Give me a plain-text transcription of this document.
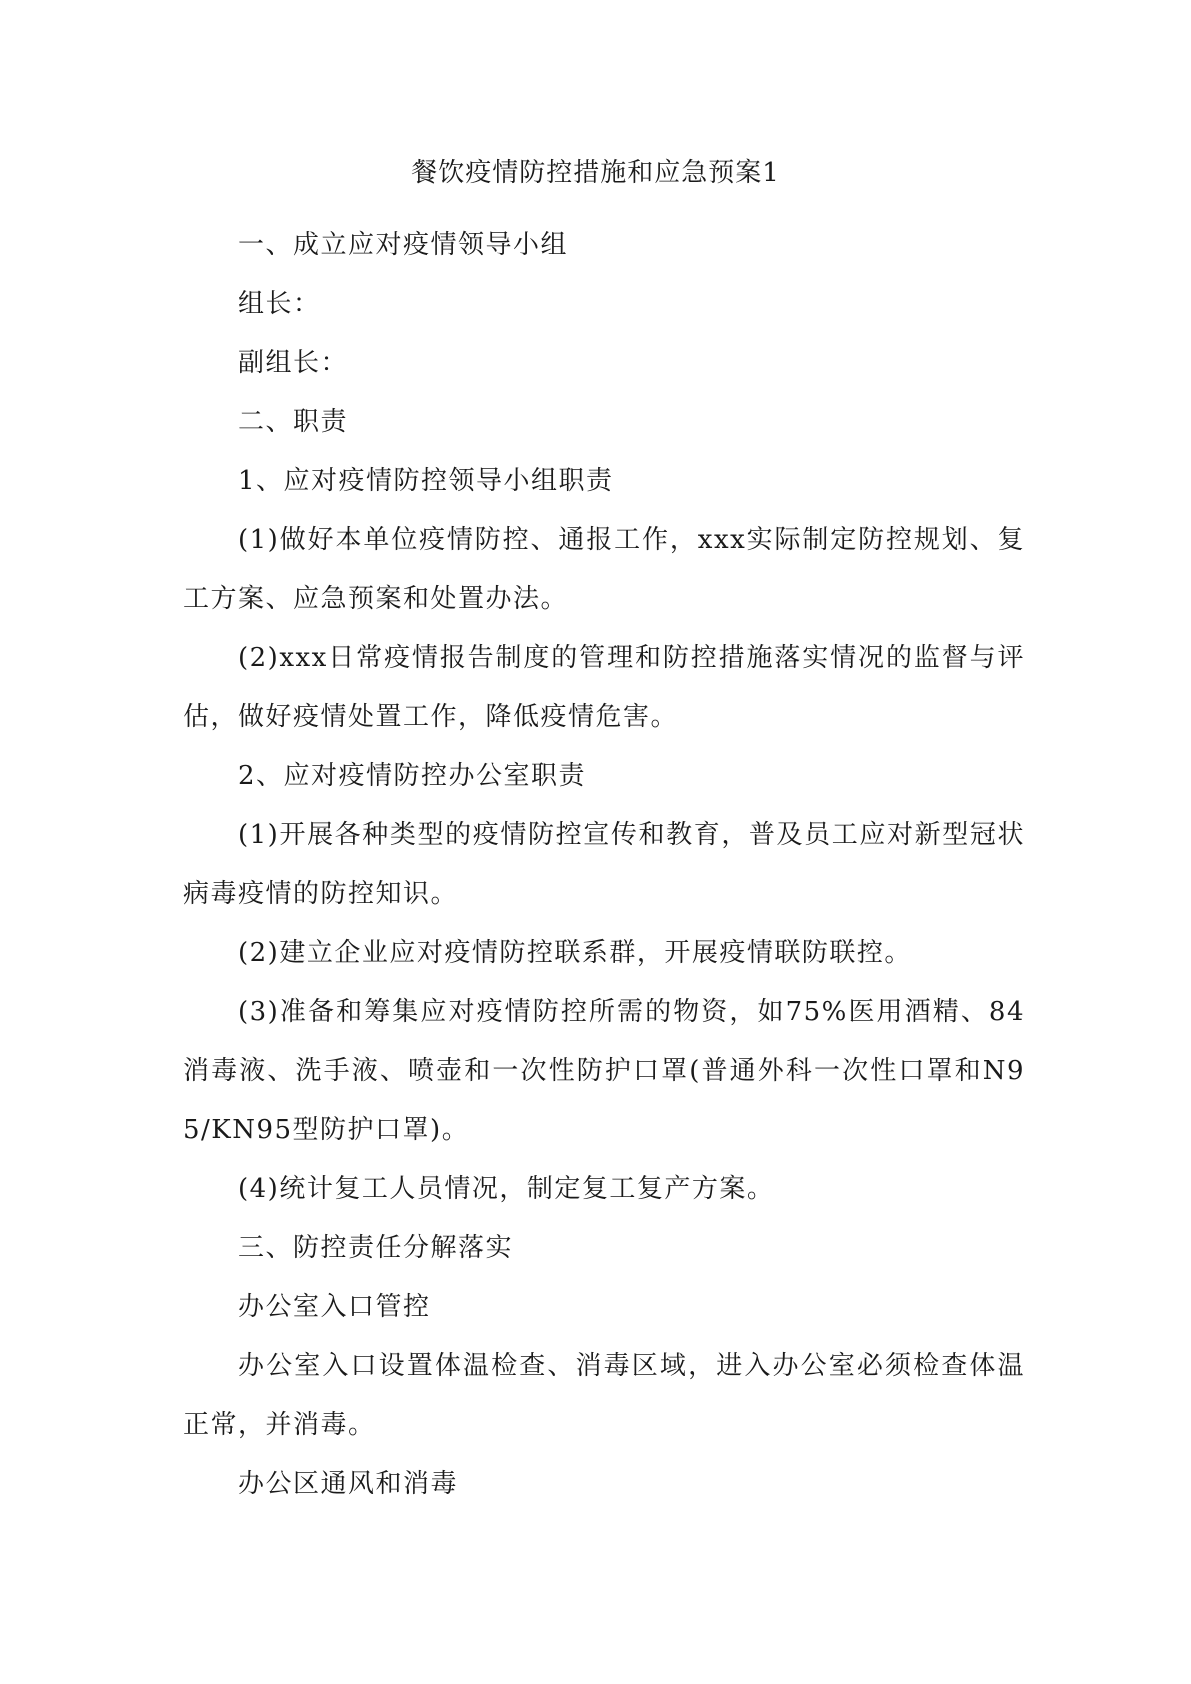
餐饮疫情防控措施和应急预案1

一、成立应对疫情领导小组

组长：

副组长：

二、职责

1、应对疫情防控领导小组职责

(1)做好本单位疫情防控、通报工作，xxx实际制定防控规划、复工方案、应急预案和处置办法。

(2)xxx日常疫情报告制度的管理和防控措施落实情况的监督与评估，做好疫情处置工作，降低疫情危害。

2、应对疫情防控办公室职责

(1)开展各种类型的疫情防控宣传和教育，普及员工应对新型冠状病毒疫情的防控知识。

(2)建立企业应对疫情防控联系群，开展疫情联防联控。

(3)准备和筹集应对疫情防控所需的物资，如75%医用酒精、84消毒液、洗手液、喷壶和一次性防护口罩(普通外科一次性口罩和N95/KN95型防护口罩)。

(4)统计复工人员情况，制定复工复产方案。

三、防控责任分解落实

办公室入口管控

办公室入口设置体温检查、消毒区域，进入办公室必须检查体温正常，并消毒。

办公区通风和消毒
